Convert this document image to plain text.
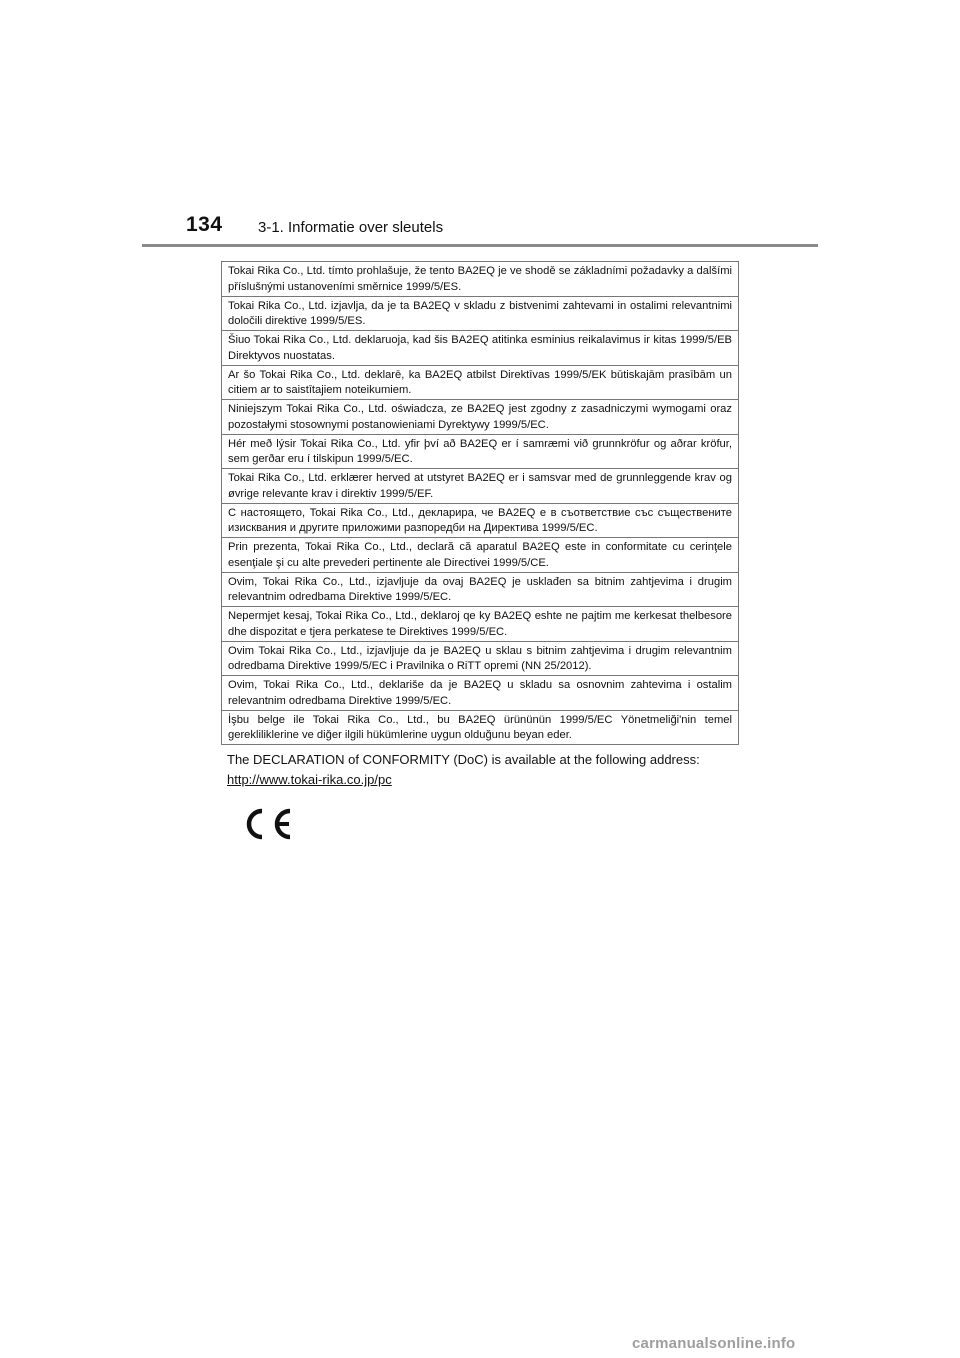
134 3-1. Informatie over sleutels
Tokai Rika Co., Ltd. tímto prohlašuje, že tento BA2EQ je ve shodě se základními požadavky a dalšími příslušnými ustanoveními směrnice 1999/5/ES.
Tokai Rika Co., Ltd. izjavlja, da je ta BA2EQ v skladu z bistvenimi zahtevami in ostalimi relevantnimi določili direktive 1999/5/ES.
Šiuo Tokai Rika Co., Ltd. deklaruoja, kad šis BA2EQ atitinka esminius reikalavimus ir kitas 1999/5/EB Direktyvos nuostatas.
Ar šo Tokai Rika Co., Ltd. deklarē, ka BA2EQ atbilst Direktīvas 1999/5/EK būtiskajām prasībām un citiem ar to saistītajiem noteikumiem.
Niniejszym Tokai Rika Co., Ltd. oświadcza, ze BA2EQ jest zgodny z zasadniczymi wymogami oraz pozostałymi stosownymi postanowieniami Dyrektywy 1999/5/EC.
Hér með lýsir Tokai Rika Co., Ltd. yfir því að BA2EQ er í samræmi við grunnkröfur og aðrar kröfur, sem gerðar eru í tilskipun 1999/5/EC.
Tokai Rika Co., Ltd. erklærer herved at utstyret BA2EQ er i samsvar med de grunnleggende krav og øvrige relevante krav i direktiv 1999/5/EF.
С настоящето, Tokai Rika Co., Ltd., декларира, че BA2EQ е в съответствие със съществените изисквания и другите приложими разпоредби на Директива 1999/5/ЕС.
Prin prezenta, Tokai Rika Co., Ltd., declară că aparatul BA2EQ este in conformitate cu cerinţele esenţiale şi cu alte prevederi pertinente ale Directivei 1999/5/CE.
Ovim, Tokai Rika Co., Ltd., izjavljuje da ovaj BA2EQ je usklađen sa bitnim zahtjevima i drugim relevantnim odredbama Direktive 1999/5/EC.
Nepermjet kesaj, Tokai Rika Co., Ltd., deklaroj qe ky BA2EQ eshte ne pajtim me kerkesat thelbesore dhe dispozitat e tjera perkatese te Direktives 1999/5/EC.
Ovim Tokai Rika Co., Ltd., izjavljuje da je BA2EQ u sklau s bitnim zahtjevima i drugim relevantnim odredbama Direktive 1999/5/EC i Pravilnika o RiTT opremi (NN 25/2012).
Ovim, Tokai Rika Co., Ltd., deklariše da je BA2EQ u skladu sa osnovnim zahtevima i ostalim relevantnim odredbama Direktive 1999/5/EC.
İşbu belge ile Tokai Rika Co., Ltd., bu BA2EQ ürününün 1999/5/EC Yönetmeliği'nin temel gerekliliklerine ve diğer ilgili hükümlerine uygun olduğunu beyan eder.
The DECLARATION of CONFORMITY (DoC) is available at the following address:
http://www.tokai-rika.co.jp/pc
carmanualsonline.info
